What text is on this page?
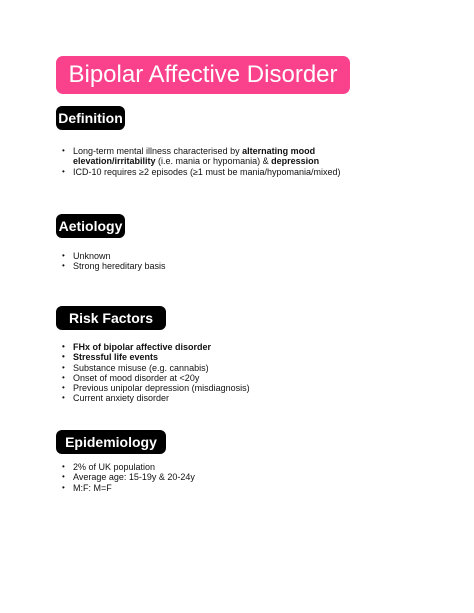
Bipolar Affective Disorder
Definition
• Long-term mental illness characterised by alternating mood elevation/irritability (i.e. mania or hypomania) & depression
• ICD-10 requires ≥2 episodes (≥1 must be mania/hypomania/mixed)
Aetiology
• Unknown
• Strong hereditary basis
Risk Factors
• FHx of bipolar affective disorder
• Stressful life events
• Substance misuse (e.g. cannabis)
• Onset of mood disorder at <20y
• Previous unipolar depression (misdiagnosis)
• Current anxiety disorder
Epidemiology
• 2% of UK population
• Average age: 15-19y & 20-24y
• M:F: M=F
